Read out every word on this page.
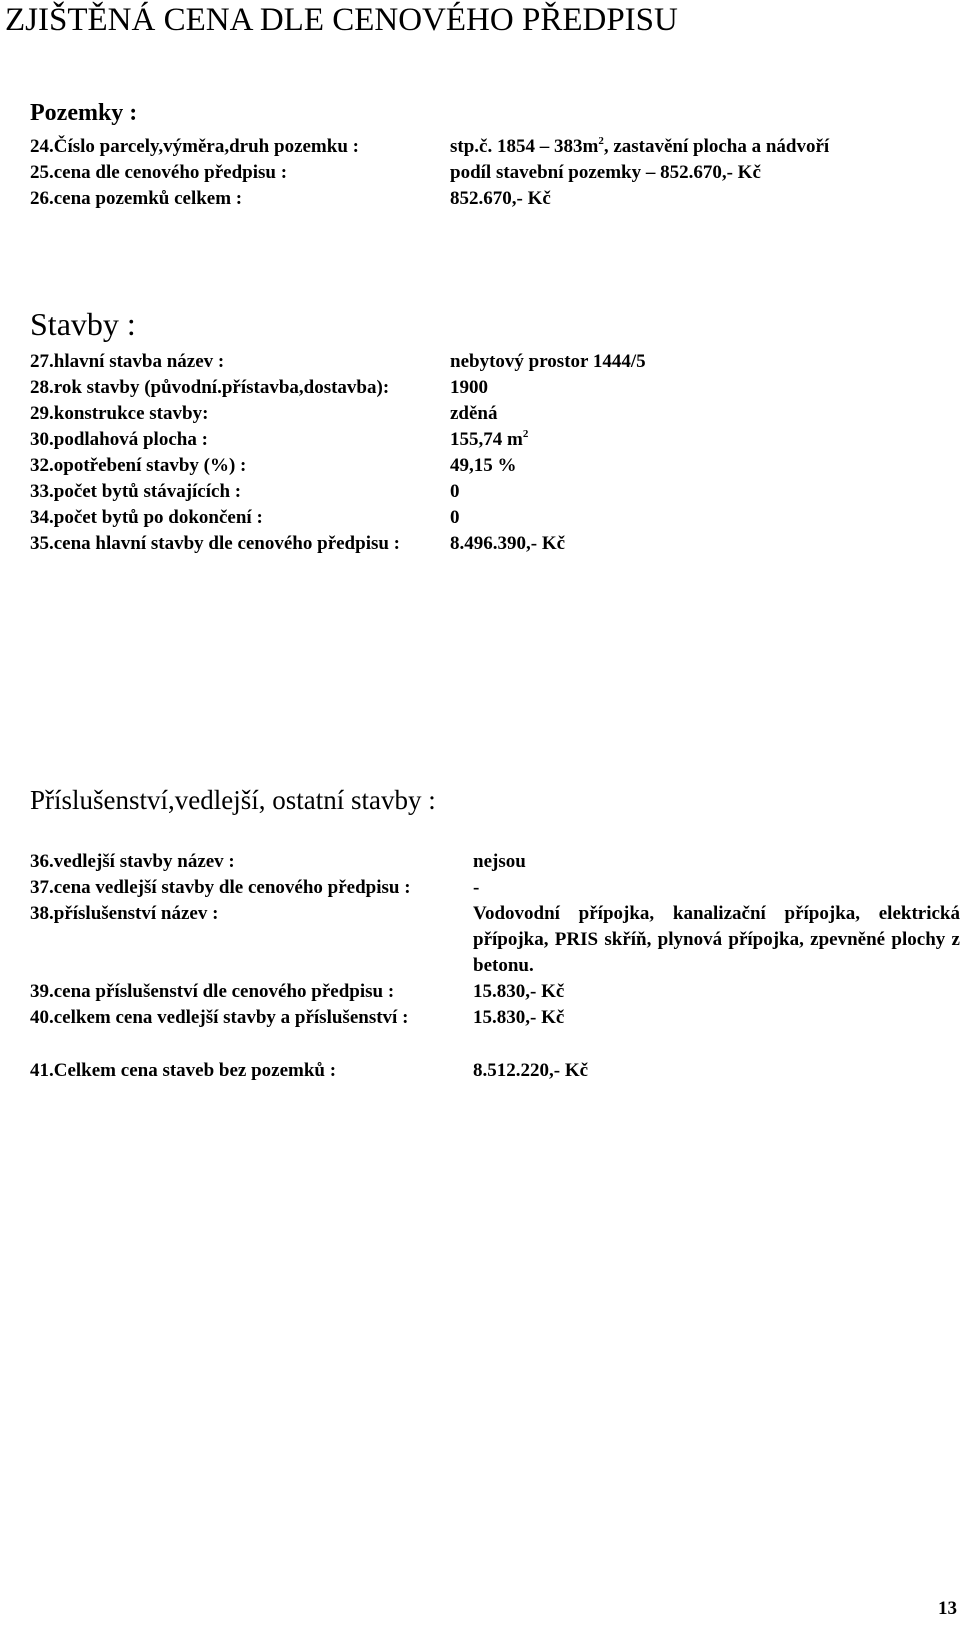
ZJIŠTĚNÁ CENA DLE CENOVÉHO PŘEDPISU
Pozemky :
24.Číslo parcely,výměra,druh pozemku :	stp.č. $1854 - 383m^2$, zastavění plocha a nádvoří
25.cena dle cenového předpisu :	podíl stavební pozemky – 852.670,- Kč
26.cena pozemků celkem :	852.670,- Kč
Stavby :
27.hlavní stavba název :	nebytový prostor 1444/5
28.rok stavby (původní.přístavba,dostavba):	1900
29.konstrukce stavby:	zděná
30.podlahová plocha :	155,74 $m^2$
32.opotřebení stavby (%) :	49,15 %
33.počet bytů stávajících :	0
34.počet bytů po dokončení :	0
35.cena hlavní stavby dle cenového předpisu :	8.496.390,- Kč
Příslušenství,vedlejší, ostatní stavby :
36.vedlejší stavby název :	nejsou
37.cena vedlejší stavby dle cenového předpisu :	-
38.příslušenství název :	Vodovodní přípojka, kanalizační přípojka, elektrická přípojka, PRIS skříň, plynová přípojka, zpevněné plochy z betonu.
39.cena příslušenství dle cenového předpisu :	15.830,- Kč
40.celkem cena vedlejší stavby a příslušenství :	15.830,- Kč
41.Celkem cena staveb bez pozemků :	8.512.220,- Kč
13
